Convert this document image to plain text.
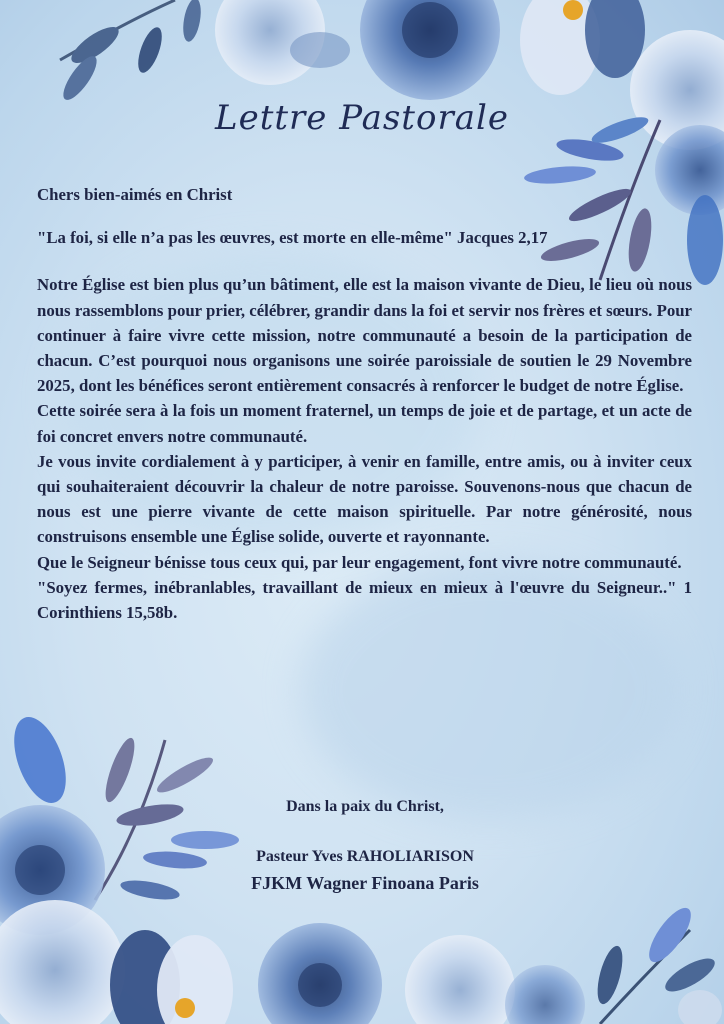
Lettre Pastorale

Chers bien-aimés en Christ

"La foi, si elle n’a pas les œuvres, est morte en elle-même" Jacques 2,17

Notre Église est bien plus qu’un bâtiment, elle est la maison vivante de Dieu, le lieu où nous nous rassemblons pour prier, célébrer, grandir dans la foi et servir nos frères et sœurs. Pour continuer à faire vivre cette mission, notre communauté a besoin de la participation de chacun. C’est pourquoi nous organisons une soirée paroissiale de soutien le 29 Novembre 2025, dont les bénéfices seront entièrement consacrés à renforcer le budget de notre Église.

Cette soirée sera à la fois un moment fraternel, un temps de joie et de partage, et un acte de foi concret envers notre communauté.

Je vous invite cordialement à y participer, à venir en famille, entre amis, ou à inviter ceux qui souhaiteraient découvrir la chaleur de notre paroisse. Souvenons-nous que chacun de nous est une pierre vivante de cette maison spirituelle. Par notre générosité, nous construisons ensemble une Église solide, ouverte et rayonnante.

Que le Seigneur bénisse tous ceux qui, par leur engagement, font vivre notre communauté.

"Soyez fermes, inébranlables, travaillant de mieux en mieux à l'œuvre du Seigneur.." 1 Corinthiens 15,58b.

Dans la paix du Christ,
Pasteur Yves RAHOLIARISON
FJKM Wagner Finoana Paris
